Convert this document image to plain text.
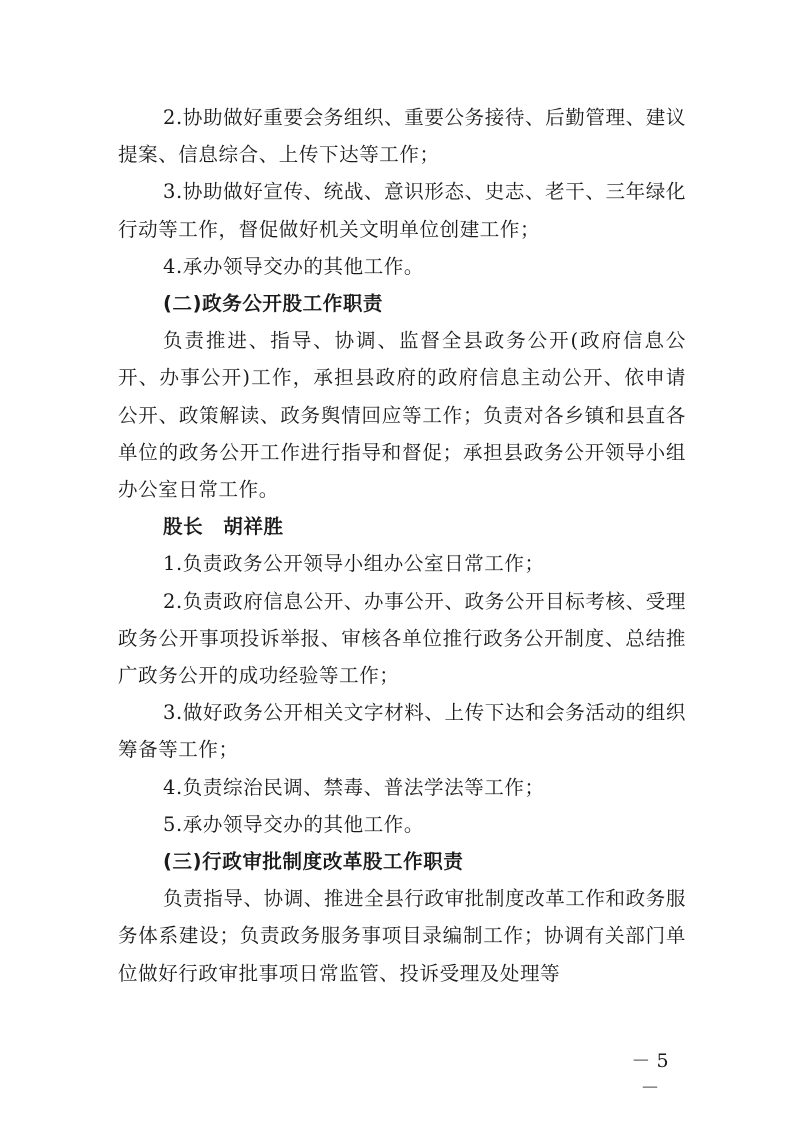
2.协助做好重要会务组织、重要公务接待、后勤管理、建议提案、信息综合、上传下达等工作；

3.协助做好宣传、统战、意识形态、史志、老干、三年绿化行动等工作，督促做好机关文明单位创建工作；

4.承办领导交办的其他工作。

(二)政务公开股工作职责

负责推进、指导、协调、监督全县政务公开(政府信息公开、办事公开)工作，承担县政府的政府信息主动公开、依申请公开、政策解读、政务舆情回应等工作；负责对各乡镇和县直各单位的政务公开工作进行指导和督促；承担县政务公开领导小组办公室日常工作。

股长　胡祥胜

1.负责政务公开领导小组办公室日常工作；

2.负责政府信息公开、办事公开、政务公开目标考核、受理政务公开事项投诉举报、审核各单位推行政务公开制度、总结推广政务公开的成功经验等工作；

3.做好政务公开相关文字材料、上传下达和会务活动的组织筹备等工作；

4.负责综治民调、禁毒、普法学法等工作；

5.承办领导交办的其他工作。

(三)行政审批制度改革股工作职责

负责指导、协调、推进全县行政审批制度改革工作和政务服务体系建设；负责政务服务事项目录编制工作；协调有关部门单位做好行政审批事项日常监管、投诉受理及处理等

－ 5 －
